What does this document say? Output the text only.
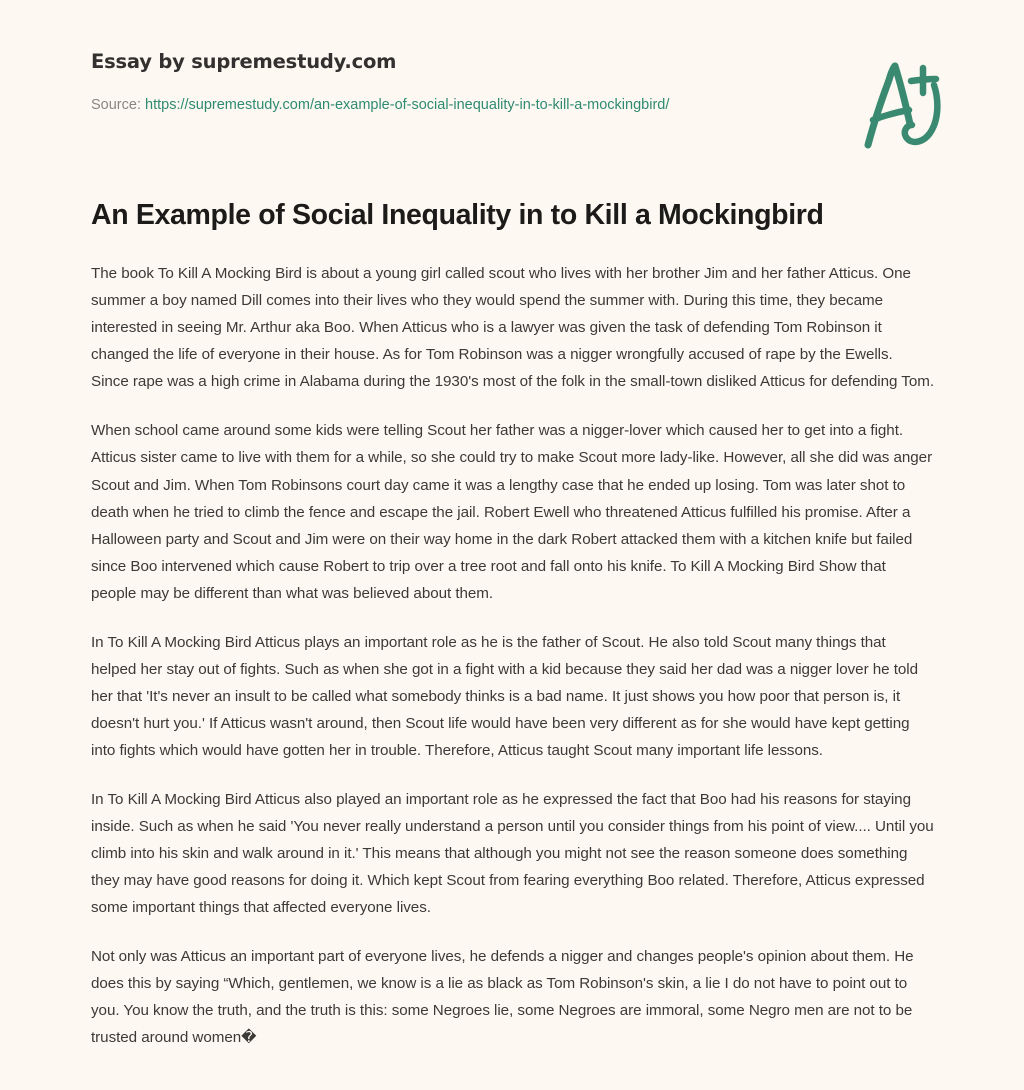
Essay by supremestudy.com
Source: https://supremestudy.com/an-example-of-social-inequality-in-to-kill-a-mockingbird/
An Example of Social Inequality in to Kill a Mockingbird

The book To Kill A Mocking Bird is about a young girl called scout who lives with her brother Jim and her father Atticus. One summer a boy named Dill comes into their lives who they would spend the summer with. During this time, they became interested in seeing Mr. Arthur aka Boo. When Atticus who is a lawyer was given the task of defending Tom Robinson it changed the life of everyone in their house. As for Tom Robinson was a nigger wrongfully accused of rape by the Ewells. Since rape was a high crime in Alabama during the 1930's most of the folk in the small-town disliked Atticus for defending Tom.

When school came around some kids were telling Scout her father was a nigger-lover which caused her to get into a fight. Atticus sister came to live with them for a while, so she could try to make Scout more lady-like. However, all she did was anger Scout and Jim. When Tom Robinsons court day came it was a lengthy case that he ended up losing. Tom was later shot to death when he tried to climb the fence and escape the jail. Robert Ewell who threatened Atticus fulfilled his promise. After a Halloween party and Scout and Jim were on their way home in the dark Robert attacked them with a kitchen knife but failed since Boo intervened which cause Robert to trip over a tree root and fall onto his knife. To Kill A Mocking Bird Show that people may be different than what was believed about them.

In To Kill A Mocking Bird Atticus plays an important role as he is the father of Scout. He also told Scout many things that helped her stay out of fights. Such as when she got in a fight with a kid because they said her dad was a nigger lover he told her that 'It's never an insult to be called what somebody thinks is a bad name. It just shows you how poor that person is, it doesn't hurt you.' If Atticus wasn't around, then Scout life would have been very different as for she would have kept getting into fights which would have gotten her in trouble. Therefore, Atticus taught Scout many important life lessons.

In To Kill A Mocking Bird Atticus also played an important role as he expressed the fact that Boo had his reasons for staying inside. Such as when he said 'You never really understand a person until you consider things from his point of view.... Until you climb into his skin and walk around in it.' This means that although you might not see the reason someone does something they may have good reasons for doing it. Which kept Scout from fearing everything Boo related. Therefore, Atticus expressed some important things that affected everyone lives.

Not only was Atticus an important part of everyone lives, he defends a nigger and changes people's opinion about them. He does this by saying “Which, gentlemen, we know is a lie as black as Tom Robinson's skin, a lie I do not have to point out to you. You know the truth, and the truth is this: some Negroes lie, some Negroes are immoral, some Negro men are not to be trusted around women�
